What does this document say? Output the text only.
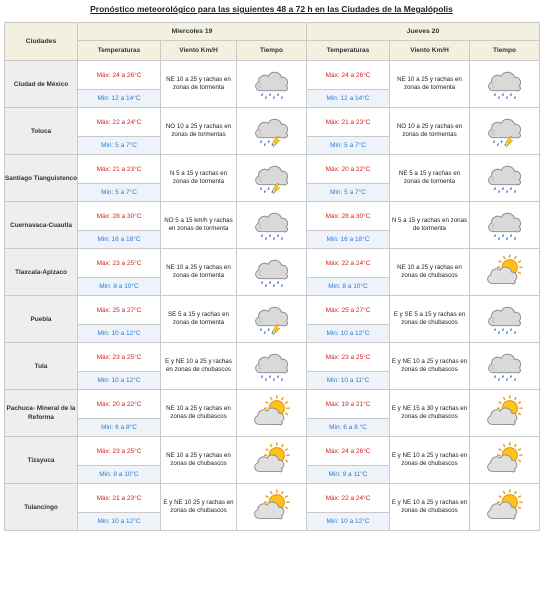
Pronóstico meteorológico para las siguientes 48 a 72 h en las Ciudades de la Megalópolis
Ciudades	Miercoles 19			Jueves 20		
	Temperaturas	Viento Km/H	Tiempo	Temperaturas	Viento Km/H	Tiempo
Ciudad de México	Máx: 24 a 26°C	NE 10 a 25 y rachas en zonas de tormenta		Máx: 24 a 26°C	NE 10 a 25 y rachas en zonas de tormenta	

	Min: 12 a 14°C			Min: 12 a 14°C		
Toluca	Máx: 22 a 24°C	NO 10 a 25 y rachas en zonas de tormentas		Máx: 21 a 23°C	NO 10 a 25 y rachas en zonas de tormentas	

	Min: 5 a 7°C			Min: 5 a 7°C		
Santiago Tianguistenco	Máx: 21 a 23°C	N 5 a 15 y rachas en zonas de tormenta		Máx: 20 a 22°C	NE 5 a 15 y rachas en zonas de tormenta	

	Min: 5 a 7°C			Min: 5 a 7°C		
Cuernavaca-Cuautla	Máx: 28 a 30°C	NO 5 a 15 km/h y rachas en zonas de tormenta		Máx: 28 a 30°C	N 5 a 15 y rachas en zonas de tormenta	

	Min: 16 a 18°C			Min: 16 a 18°C		
Tlaxcala-Apizaco	Máx: 23 a 25°C	NE 10 a 25 y rachas en zonas de tormenta		Máx: 22 a 24°C	NE 10 a 25 y rachas en zonas de chubascos	

	Min: 8 a 10°C			Min: 8 a 10°C		
Puebla	Máx: 25 a 27°C	SE 5 a 15 y rachas en zonas de tormenta		Máx: 25 a 27°C	E y SE 5 a 15 y rachas en zonas de chubascos	

	Min: 10 a 12°C			Min: 10 a 12°C		
Tula	Máx: 23 a 25°C	E y NE 10 a 25 y rachas en zonas de chubascos		Máx: 23 a 25°C	E y NE 10 a 25 y rachas en zonas de chubascos	

	Min: 10 a 12°C			Min: 10 a 11°C		
Pachuca- Mineral de la Reforma	Máx: 20 a 22°C	NE 10 a 25 y rachas en zonas de chubascos		Máx: 19 a 21°C	E y NE 15 a 30 y rachas en zonas de chubascos	

	Min: 6 a 8°C			Min: 6 a 8 °C		
Tizayuca	Máx: 23 a 25°C	NE 10 a 25 y rachas en zonas de chubascos		Máx: 24 a 26°C	E y NE 10 a 25 y rachas en zonas de chubascos	

	Min: 8 a 10°C			Min: 9 a 11°C		
Tulancingo	Máx: 21 a 23°C	E y NE 10 25 y rachas en zonas de chubascos		Máx: 22 a 24°C	E y NE 10 a 25 y rachas en zonas de chubascos	

	Min: 10 a 12°C			Min: 10 a 12°C		
